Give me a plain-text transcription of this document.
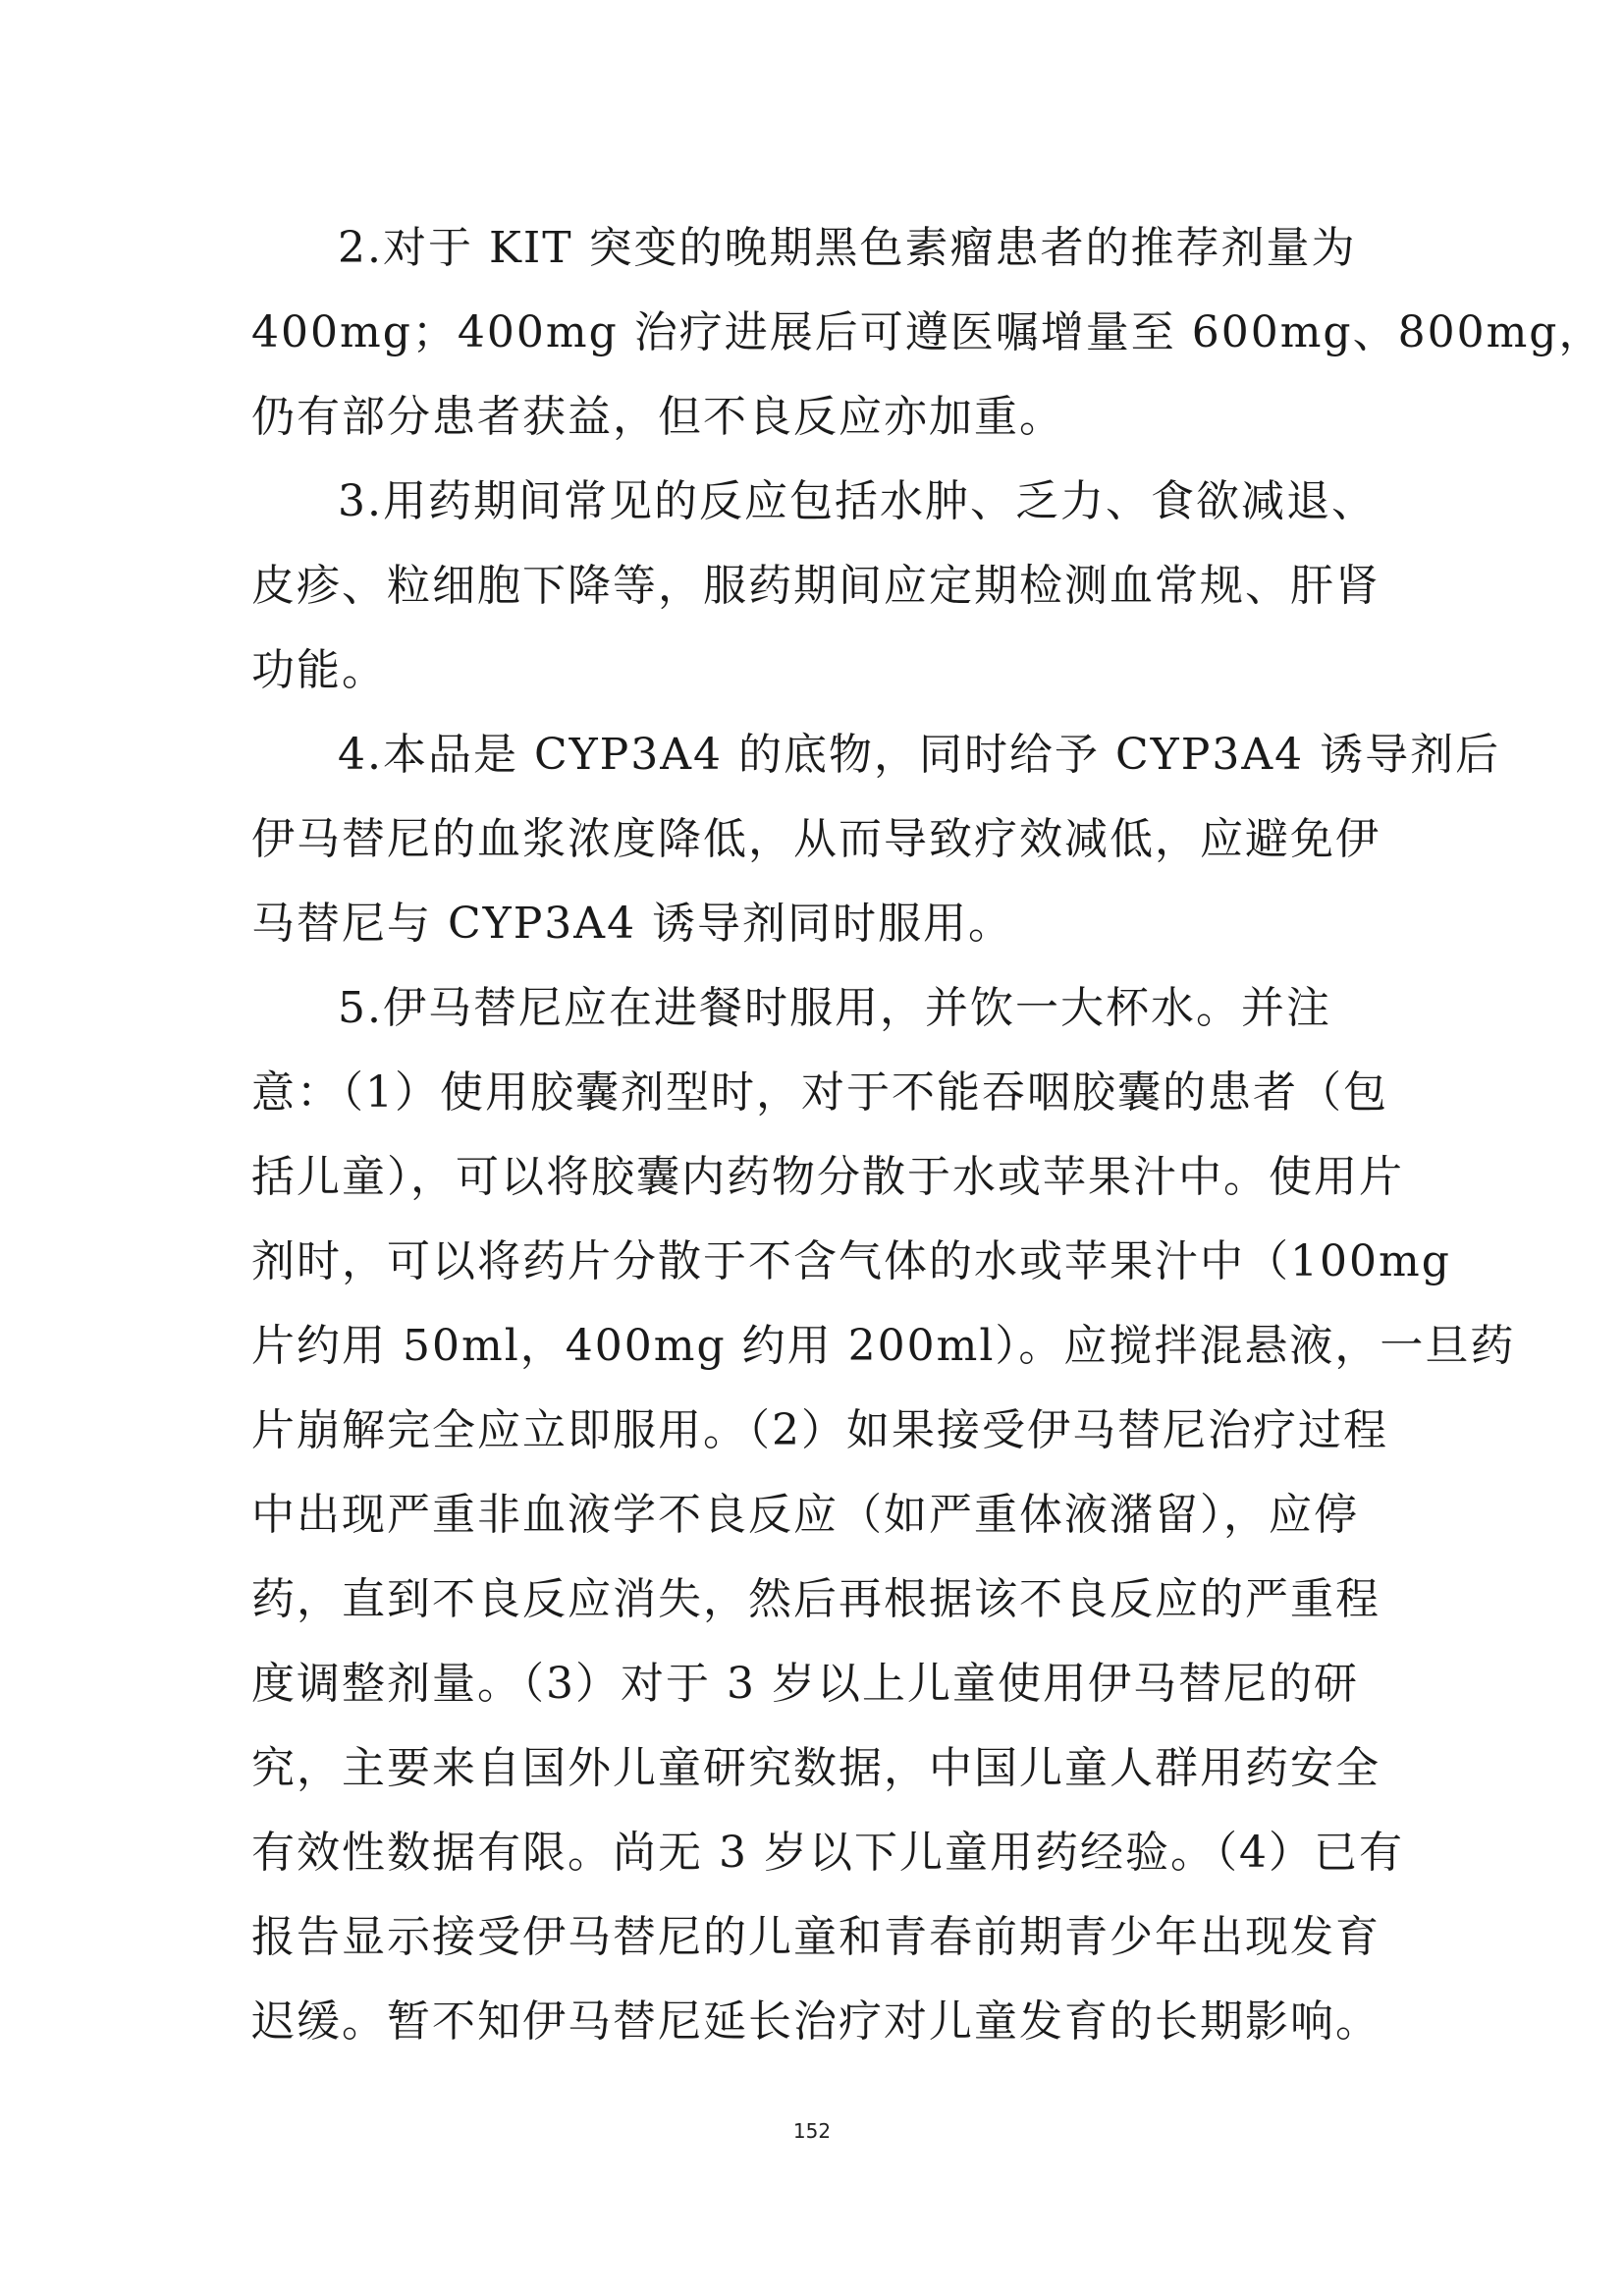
2.对于 KIT 突变的晚期黑色素瘤患者的推荐剂量为
400mg；400mg 治疗进展后可遵医嘱增量至 600mg、800mg，
仍有部分患者获益，但不良反应亦加重。

3.用药期间常见的反应包括水肿、乏力、食欲减退、
皮疹、粒细胞下降等，服药期间应定期检测血常规、肝肾
功能。

4.本品是 CYP3A4 的底物，同时给予 CYP3A4 诱导剂后
伊马替尼的血浆浓度降低，从而导致疗效减低，应避免伊
马替尼与 CYP3A4 诱导剂同时服用。

5.伊马替尼应在进餐时服用，并饮一大杯水。并注
意：（1）使用胶囊剂型时，对于不能吞咽胶囊的患者（包
括儿童），可以将胶囊内药物分散于水或苹果汁中。使用片
剂时，可以将药片分散于不含气体的水或苹果汁中（100mg
片约用 50ml，400mg 约用 200ml）。应搅拌混悬液，一旦药
片崩解完全应立即服用。（2）如果接受伊马替尼治疗过程
中出现严重非血液学不良反应（如严重体液潴留），应停
药，直到不良反应消失，然后再根据该不良反应的严重程
度调整剂量。（3）对于 3 岁以上儿童使用伊马替尼的研
究，主要来自国外儿童研究数据，中国儿童人群用药安全
有效性数据有限。尚无 3 岁以下儿童用药经验。（4）已有
报告显示接受伊马替尼的儿童和青春前期青少年出现发育
迟缓。暂不知伊马替尼延长治疗对儿童发育的长期影响。

152
